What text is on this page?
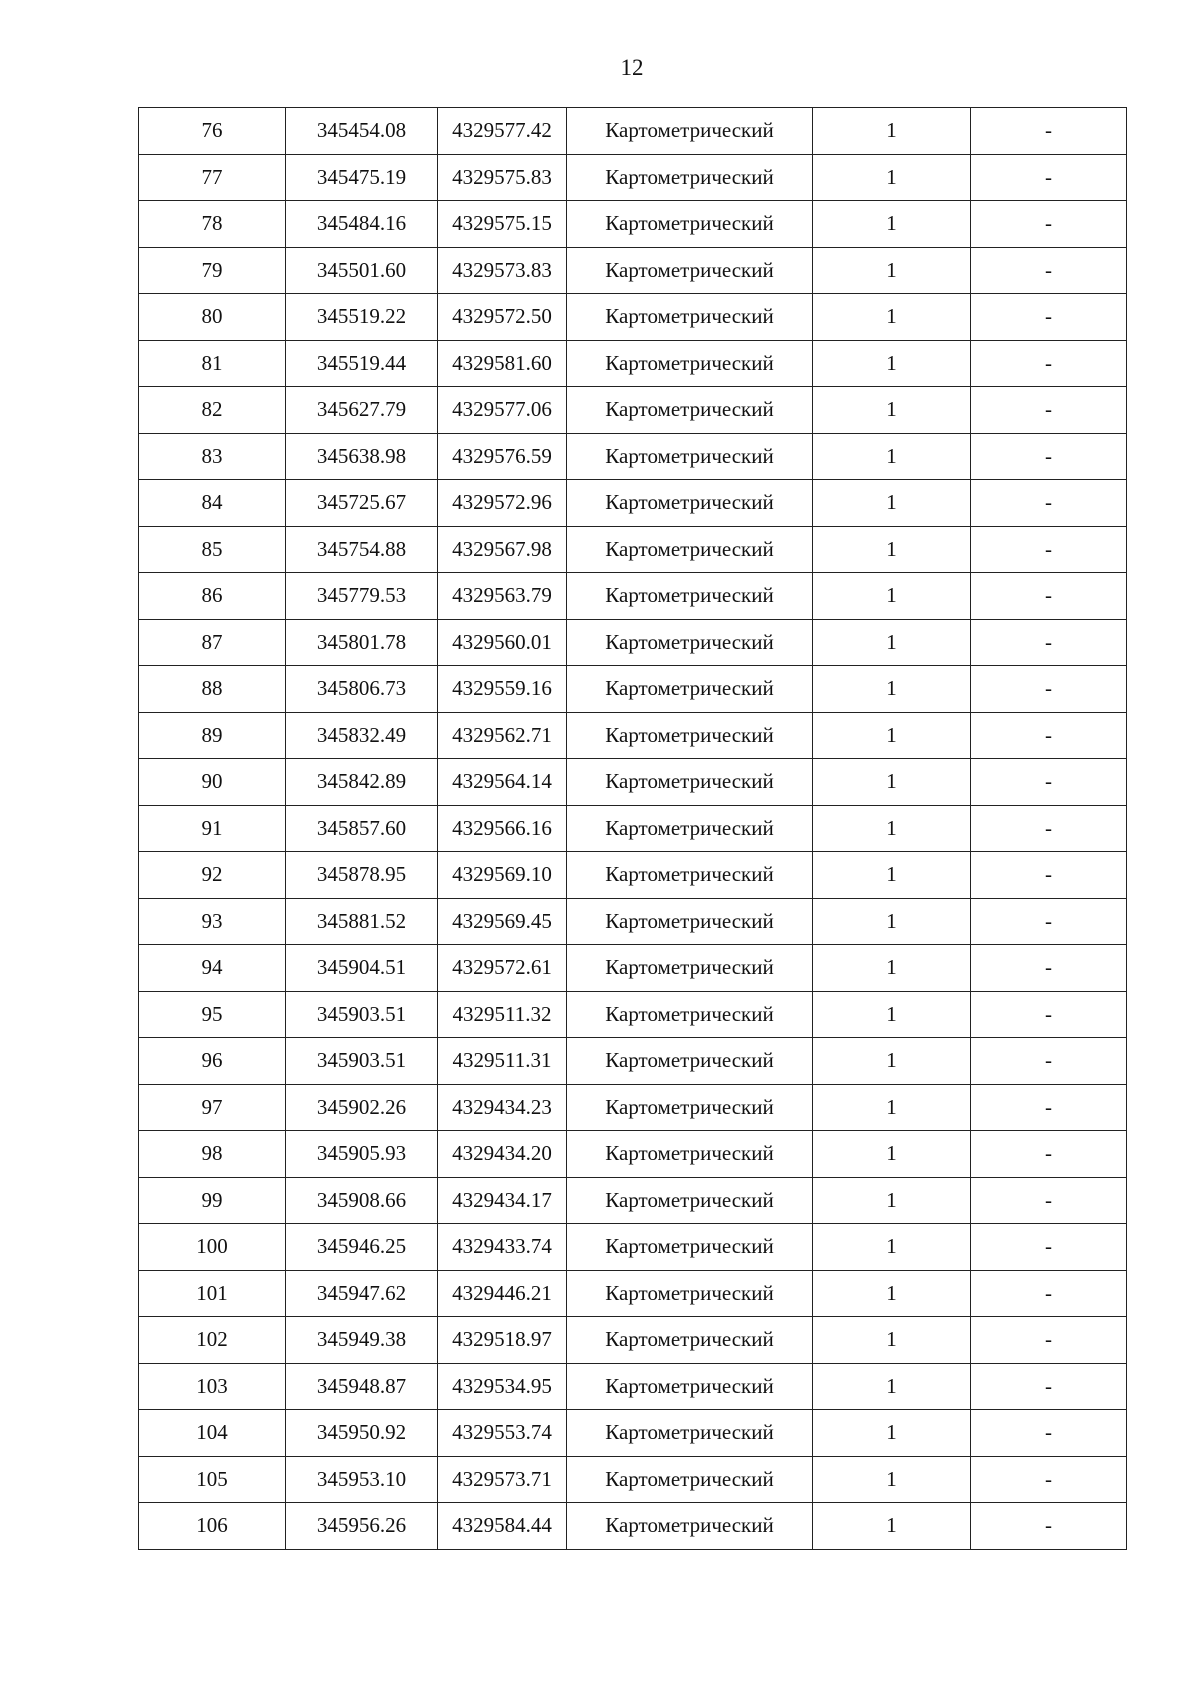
12
76	345454.08	4329577.42	Картометрический	1	-
77	345475.19	4329575.83	Картометрический	1	-
78	345484.16	4329575.15	Картометрический	1	-
79	345501.60	4329573.83	Картометрический	1	-
80	345519.22	4329572.50	Картометрический	1	-
81	345519.44	4329581.60	Картометрический	1	-
82	345627.79	4329577.06	Картометрический	1	-
83	345638.98	4329576.59	Картометрический	1	-
84	345725.67	4329572.96	Картометрический	1	-
85	345754.88	4329567.98	Картометрический	1	-
86	345779.53	4329563.79	Картометрический	1	-
87	345801.78	4329560.01	Картометрический	1	-
88	345806.73	4329559.16	Картометрический	1	-
89	345832.49	4329562.71	Картометрический	1	-
90	345842.89	4329564.14	Картометрический	1	-
91	345857.60	4329566.16	Картометрический	1	-
92	345878.95	4329569.10	Картометрический	1	-
93	345881.52	4329569.45	Картометрический	1	-
94	345904.51	4329572.61	Картометрический	1	-
95	345903.51	4329511.32	Картометрический	1	-
96	345903.51	4329511.31	Картометрический	1	-
97	345902.26	4329434.23	Картометрический	1	-
98	345905.93	4329434.20	Картометрический	1	-
99	345908.66	4329434.17	Картометрический	1	-
100	345946.25	4329433.74	Картометрический	1	-
101	345947.62	4329446.21	Картометрический	1	-
102	345949.38	4329518.97	Картометрический	1	-
103	345948.87	4329534.95	Картометрический	1	-
104	345950.92	4329553.74	Картометрический	1	-
105	345953.10	4329573.71	Картометрический	1	-
106	345956.26	4329584.44	Картометрический	1	-
